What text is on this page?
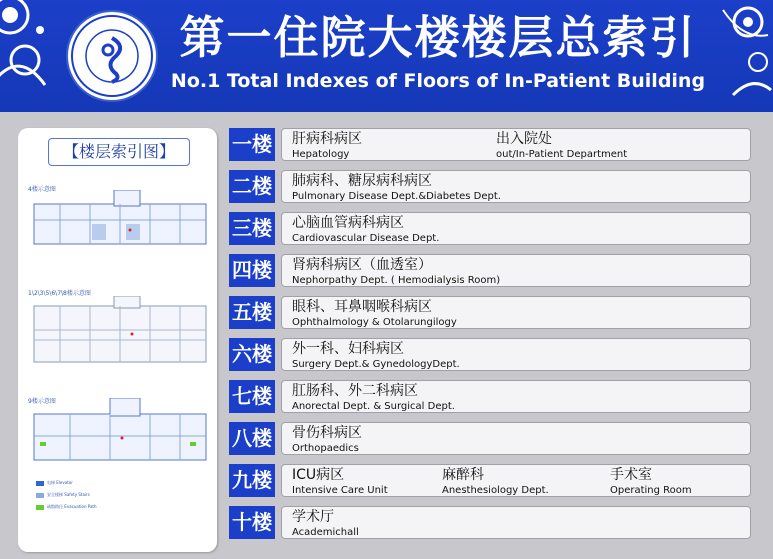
第一住院大楼楼层总索引
No.1 Total Indexes of Floors of In-Patient Building
【楼层索引图】
4楼示意图
1\2\3\5\6\7\8楼示意图
9楼示意图
电梯 Elevator
安全楼梯 Safety Stairs
疏散路径 Evacuation Path
一楼 肝病科病区
Hepatology
出入院处
out/In-Patient Department
二楼 肺病科、糖尿病科病区
Pulmonary Disease Dept.&Diabetes Dept.
三楼 心脑血管病科病区
Cardiovascular Disease Dept.
四楼 肾病科病区（血透室）
Nephorpathy Dept. ( Hemodialysis Room)
五楼 眼科、耳鼻咽喉科病区
Ophthalmology & Otolarungilogy
六楼 外一科、妇科病区
Surgery Dept.& GynedologyDept.
七楼 肛肠科、外二科病区
Anorectal Dept. & Surgical Dept.
八楼 骨伤科病区
Orthopaedics
九楼 ICU病区
Intensive Care Unit
麻醉科
Anesthesiology Dept.
手术室
Operating Room
十楼 学术厅
Academichall
